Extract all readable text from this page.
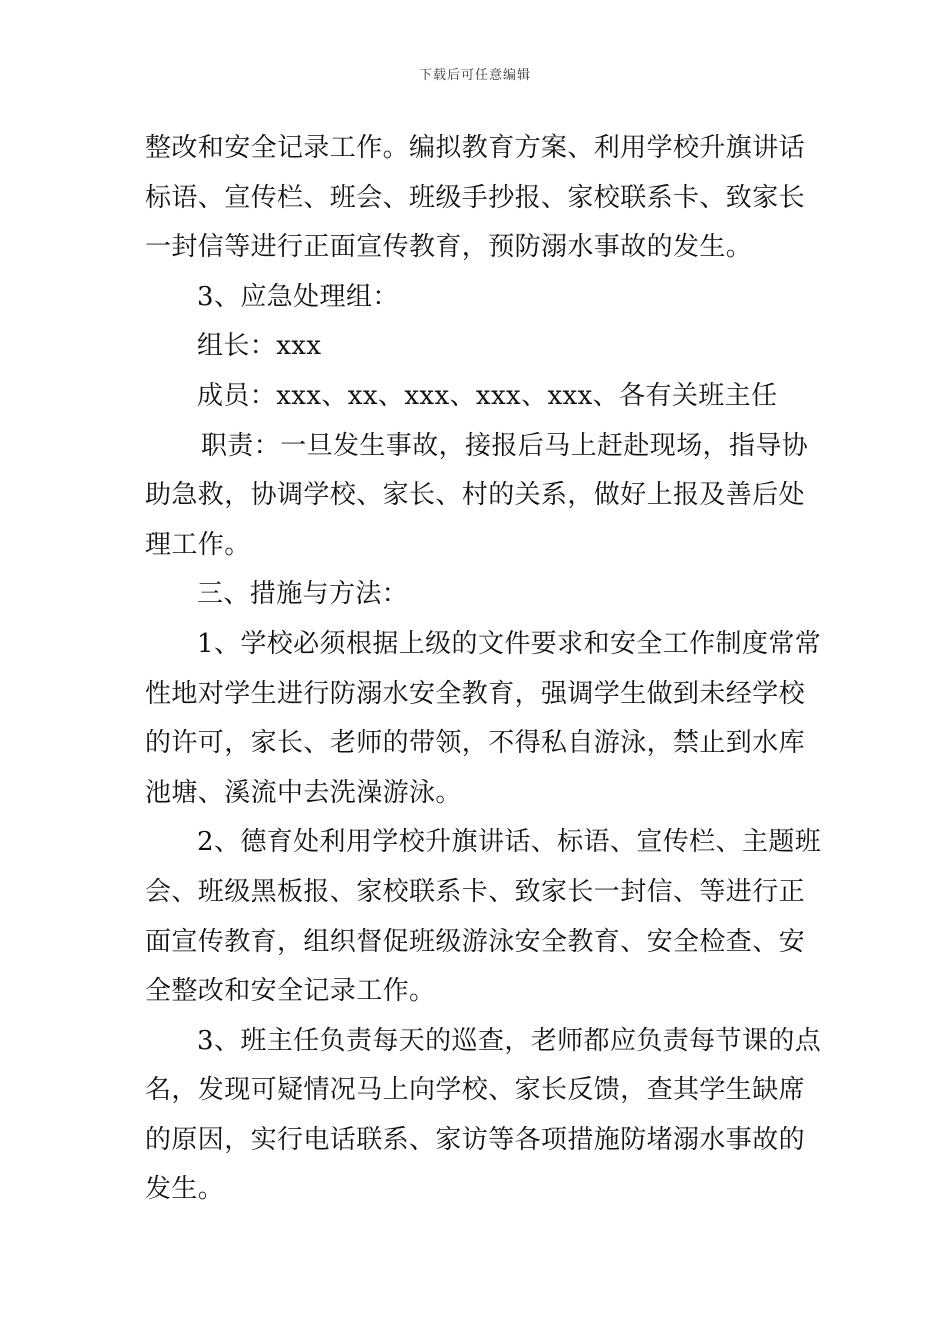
下载后可任意编辑
整改和安全记录工作。编拟教育方案、利用学校升旗讲话
标语、宣传栏、班会、班级手抄报、家校联系卡、致家长
一封信等进行正面宣传教育，预防溺水事故的发生。
3、应急处理组：
组长：xxx
成员：xxx、xx、xxx、xxx、xxx、各有关班主任
职责：一旦发生事故，接报后马上赶赴现场，指导协
助急救，协调学校、家长、村的关系，做好上报及善后处
理工作。
三、措施与方法：
1、学校必须根据上级的文件要求和安全工作制度常常
性地对学生进行防溺水安全教育，强调学生做到未经学校
的许可，家长、老师的带领，不得私自游泳，禁止到水库
池塘、溪流中去洗澡游泳。
2、德育处利用学校升旗讲话、标语、宣传栏、主题班
会、班级黑板报、家校联系卡、致家长一封信、等进行正
面宣传教育，组织督促班级游泳安全教育、安全检查、安
全整改和安全记录工作。
3、班主任负责每天的巡查，老师都应负责每节课的点
名，发现可疑情况马上向学校、家长反馈，查其学生缺席
的原因，实行电话联系、家访等各项措施防堵溺水事故的
发生。
